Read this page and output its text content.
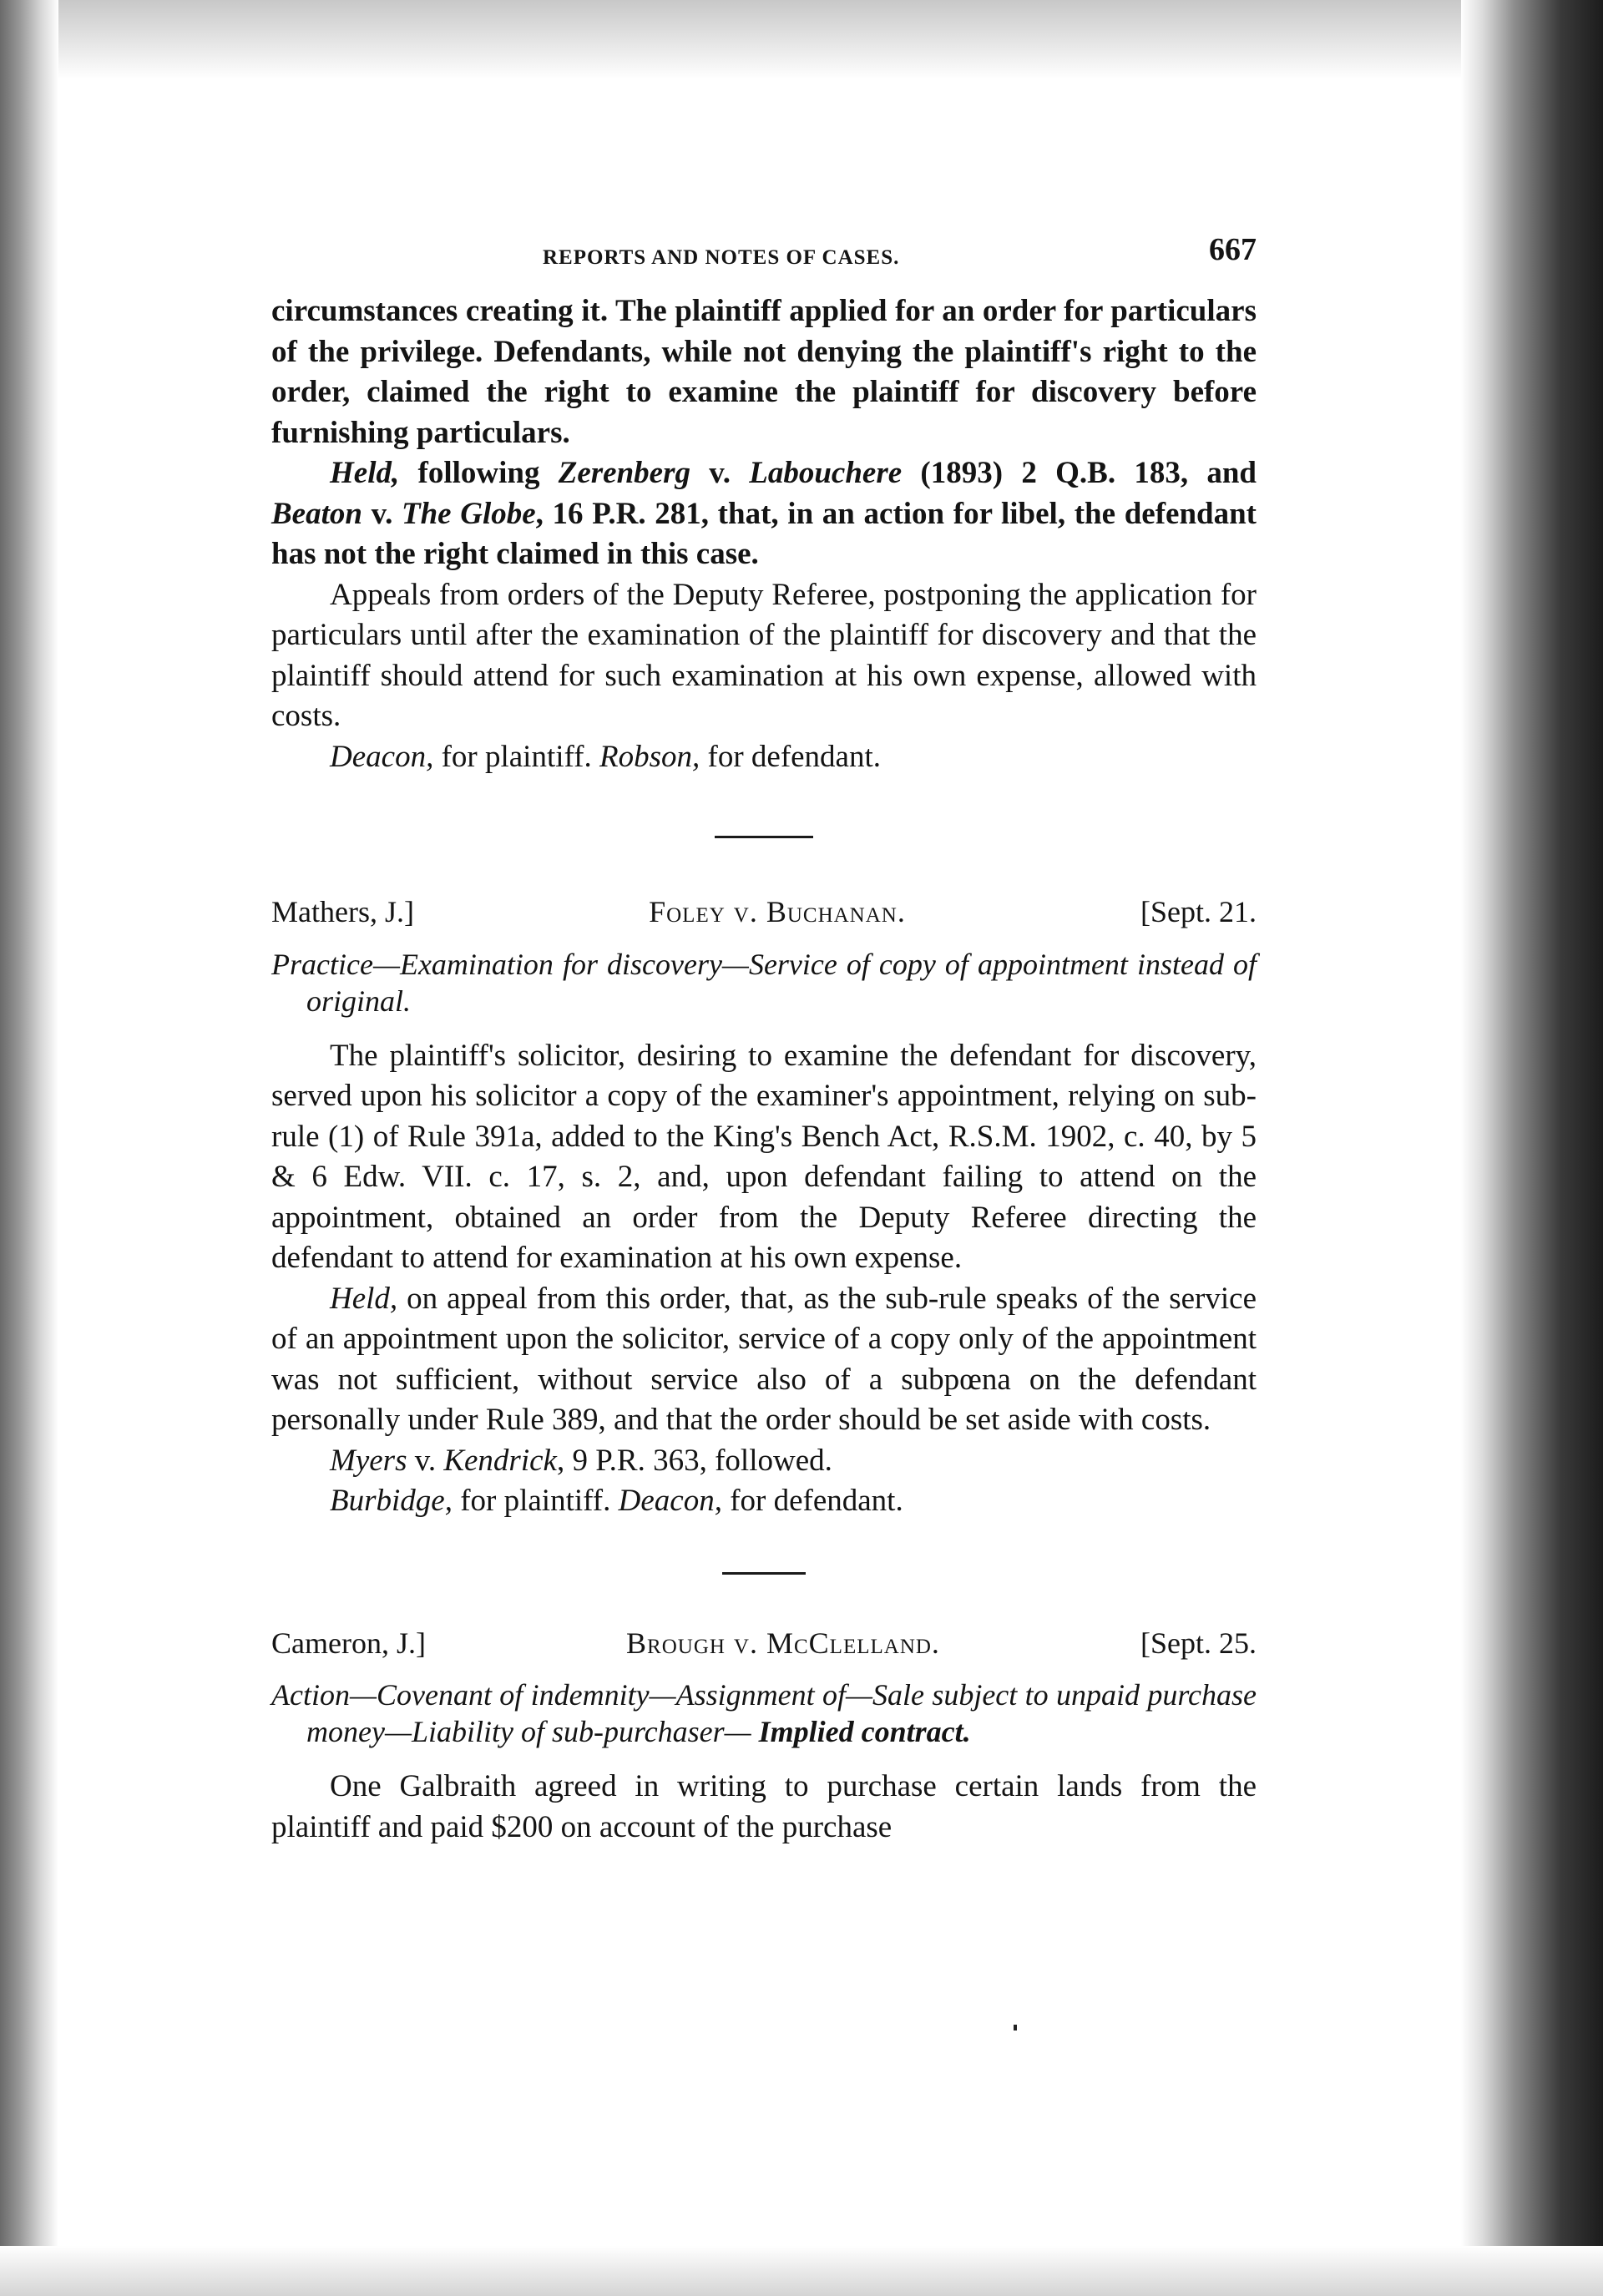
REPORTS AND NOTES OF CASES.	667

circumstances creating it. The plaintiff applied for an order for particulars of the privilege. Defendants, while not denying the plaintiff's right to the order, claimed the right to examine the plaintiff for discovery before furnishing particulars.

Held, following Zerenberg v. Labouchere (1893) 2 Q.B. 183, and Beaton v. The Globe, 16 P.R. 281, that, in an action for libel, the defendant has not the right claimed in this case.

Appeals from orders of the Deputy Referee, postponing the application for particulars until after the examination of the plaintiff for discovery and that the plaintiff should attend for such examination at his own expense, allowed with costs.

Deacon, for plaintiff. Robson, for defendant.

Mathers, J.]	Foley v. Buchanan.	[Sept. 21.

Practice—Examination for discovery—Service of copy of appointment instead of original.

The plaintiff's solicitor, desiring to examine the defendant for discovery, served upon his solicitor a copy of the examiner's appointment, relying on sub-rule (1) of Rule 391a, added to the King's Bench Act, R.S.M. 1902, c. 40, by 5 & 6 Edw. VII. c. 17, s. 2, and, upon defendant failing to attend on the appointment, obtained an order from the Deputy Referee directing the defendant to attend for examination at his own expense.

Held, on appeal from this order, that, as the sub-rule speaks of the service of an appointment upon the solicitor, service of a copy only of the appointment was not sufficient, without service also of a subpœna on the defendant personally under Rule 389, and that the order should be set aside with costs.

Myers v. Kendrick, 9 P.R. 363, followed.

Burbidge, for plaintiff. Deacon, for defendant.

Cameron, J.]	Brough v. McClelland.	[Sept. 25.

Action—Covenant of indemnity—Assignment of—Sale subject to unpaid purchase money—Liability of sub-purchaser— Implied contract.

One Galbraith agreed in writing to purchase certain lands from the plaintiff and paid $200 on account of the purchase
